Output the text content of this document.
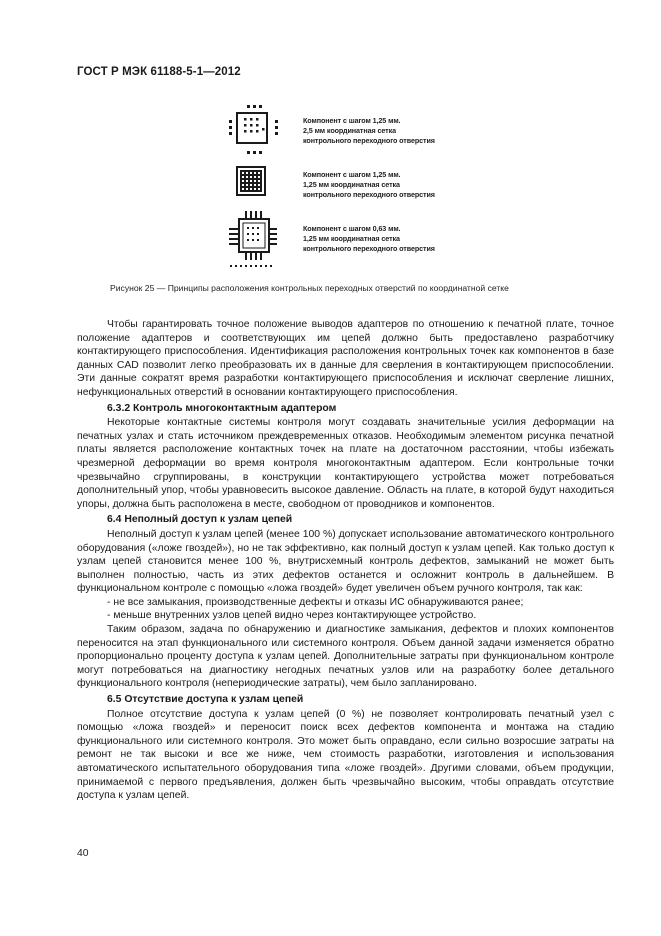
ГОСТ Р МЭК 61188-5-1—2012
Компонент с шагом 1,25 мм.
2,5 мм координатная сетка
контрольного переходного отверстия
Компонент с шагом 1,25 мм.
1,25 мм координатная сетка
контрольного переходного отверстия
Компонент с шагом 0,63 мм.
1,25 мм координатная сетка
контрольного переходного отверстия
Рисунок 25 — Принципы расположения контрольных переходных отверстий по координатной сетке

Чтобы гарантировать точное положение выводов адаптеров по отношению к печатной плате, точное положение адаптеров и соответствующих им цепей должно быть предоставлено разработчику контактирующего приспособления. Идентификация расположения контрольных точек как компонентов в базе данных CAD позволит легко преобразовать их в данные для сверления в контактирующем приспособлении. Эти данные сократят время разработки контактирующего приспособления и исключат сверление лишних, нефункциональных отверстий в основании контактирующего приспособления.

6.3.2 Контроль многоконтактным адаптером

Некоторые контактные системы контроля могут создавать значительные усилия деформации на печатных узлах и стать источником преждевременных отказов. Необходимым элементом рисунка печатной платы является расположение контактных точек на плате на достаточном расстоянии, чтобы избежать чрезмерной деформации во время контроля многоконтактным адаптером. Если контрольные точки чрезвычайно сгруппированы, в конструкции контактирующего устройства может потребоваться дополнительный упор, чтобы уравновесить высокое давление. Область на плате, в которой будут находиться упоры, должна быть расположена в месте, свободном от проводников и компонентов.

6.4 Неполный доступ к узлам цепей

Неполный доступ к узлам цепей (менее 100 %) допускает использование автоматического контрольного оборудования («ложе гвоздей»), но не так эффективно, как полный доступ к узлам цепей. Как только доступ к узлам цепей становится менее 100 %, внутрисхемный контроль дефектов, замыканий не может быть выполнен полностью, часть из этих дефектов останется и осложнит контроль в дальнейшем. В функциональном контроле с помощью «ложа гвоздей» будет увеличен объем ручного контроля, так как:

- не все замыкания, производственные дефекты и отказы ИС обнаруживаются ранее;

- меньше внутренних узлов цепей видно через контактирующее устройство.

Таким образом, задача по обнаружению и диагностике замыкания, дефектов и плохих компонентов переносится на этап функционального или системного контроля. Объем данной задачи изменяется обратно пропорционально проценту доступа к узлам цепей. Дополнительные затраты при функциональном контроле могут потребоваться на диагностику негодных печатных узлов или на разработку более детального функционального контроля (непериодические затраты), чем было запланировано.

6.5 Отсутствие доступа к узлам цепей

Полное отсутствие доступа к узлам цепей (0 %) не позволяет контролировать печатный узел с помощью «ложа гвоздей» и переносит поиск всех дефектов компонента и монтажа на стадию функционального или системного контроля. Это может быть оправдано, если сильно возросшие затраты на ремонт не так высоки и все же ниже, чем стоимость разработки, изготовления и использования автоматического испытательного оборудования типа «ложе гвоздей». Другими словами, объем продукции, принимаемой с первого предъявления, должен быть чрезвычайно высоким, чтобы оправдать отсутствие доступа к узлам цепей.

40
